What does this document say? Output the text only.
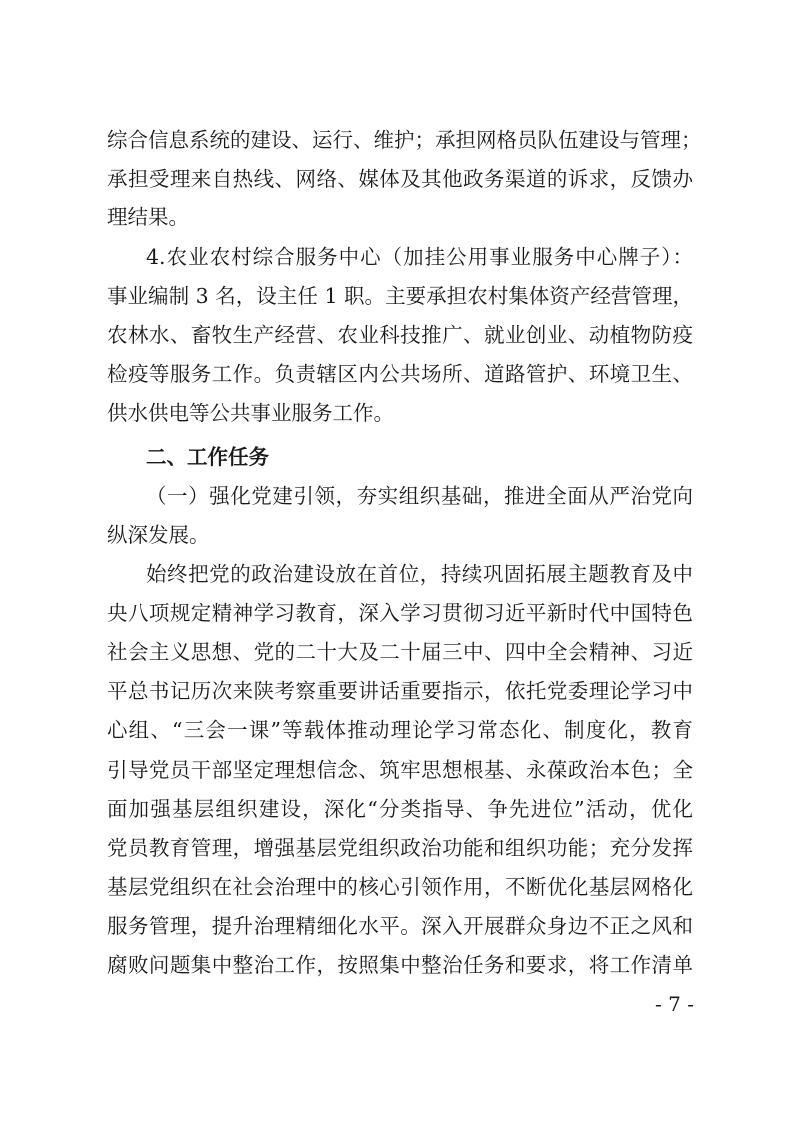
综合信息系统的建设、运行、维护；承担网格员队伍建设与管理；
承担受理来自热线、网络、媒体及其他政务渠道的诉求，反馈办
理结果。
4.农业农村综合服务中心（加挂公用事业服务中心牌子）：
事业编制 3 名，设主任 1 职。主要承担农村集体资产经营管理，
农林水、畜牧生产经营、农业科技推广、就业创业、动植物防疫
检疫等服务工作。负责辖区内公共场所、道路管护、环境卫生、
供水供电等公共事业服务工作。
二、工作任务
（一）强化党建引领，夯实组织基础，推进全面从严治党向
纵深发展。
始终把党的政治建设放在首位，持续巩固拓展主题教育及中
央八项规定精神学习教育，深入学习贯彻习近平新时代中国特色
社会主义思想、党的二十大及二十届三中、四中全会精神、习近
平总书记历次来陕考察重要讲话重要指示，依托党委理论学习中
心组、“三会一课”等载体推动理论学习常态化、制度化，教育
引导党员干部坚定理想信念、筑牢思想根基、永葆政治本色；全
面加强基层组织建设，深化“分类指导、争先进位”活动，优化
党员教育管理，增强基层党组织政治功能和组织功能；充分发挥
基层党组织在社会治理中的核心引领作用，不断优化基层网格化
服务管理，提升治理精细化水平。深入开展群众身边不正之风和
腐败问题集中整治工作，按照集中整治任务和要求，将工作清单
- 7 -
